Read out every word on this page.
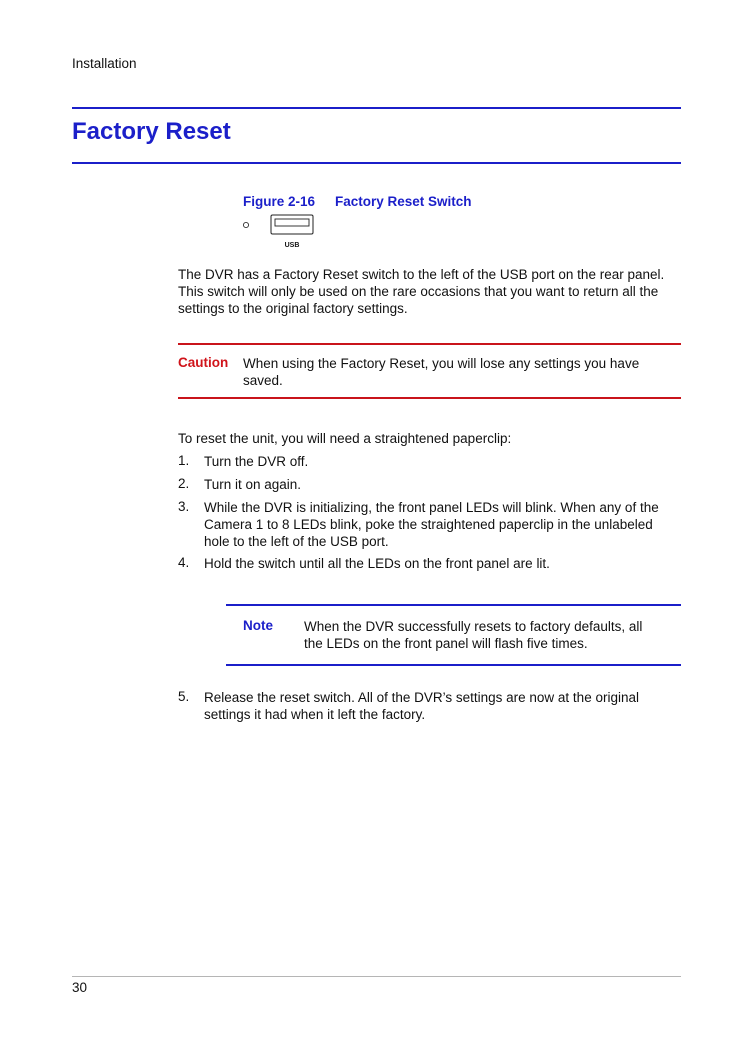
Installation
Factory Reset
Figure 2-16 Factory Reset Switch
USB
The DVR has a Factory Reset switch to the left of the USB port on the rear panel. This switch will only be used on the rare occasions that you want to return all the settings to the original factory settings.
Caution When using the Factory Reset, you will lose any settings you have saved.
To reset the unit, you will need a straightened paperclip:
1. Turn the DVR off.
2. Turn it on again.
3. While the DVR is initializing, the front panel LEDs will blink. When any of the Camera 1 to 8 LEDs blink, poke the straightened paperclip in the unlabeled hole to the left of the USB port.
4. Hold the switch until all the LEDs on the front panel are lit.
Note When the DVR successfully resets to factory defaults, all the LEDs on the front panel will flash five times.
5. Release the reset switch. All of the DVR’s settings are now at the original settings it had when it left the factory.
30
